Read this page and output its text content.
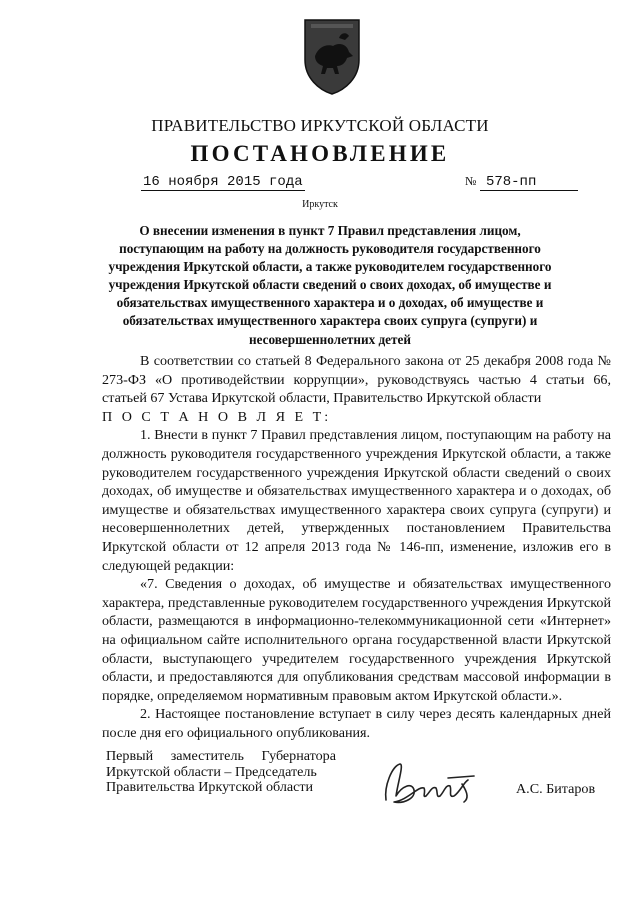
ПРАВИТЕЛЬСТВО ИРКУТСКОЙ ОБЛАСТИ
ПОСТАНОВЛЕНИЕ
16 ноября 2015 года	№ 578-пп
Иркутск
О внесении изменения в пункт 7 Правил представления лицом, поступающим на работу на должность руководителя государственного учреждения Иркутской области, а также руководителем государственного учреждения Иркутской области сведений о своих доходах, об имуществе и обязательствах имущественного характера и о доходах, об имуществе и обязательствах имущественного характера своих супруга (супруги) и несовершеннолетних детей

В соответствии со статьей 8 Федерального закона от 25 декабря 2008 года № 273-ФЗ «О противодействии коррупции», руководствуясь частью 4 статьи 66, статьей 67 Устава Иркутской области, Правительство Иркутской области

П О С Т А Н О В Л Я Е Т:

1. Внести в пункт 7 Правил представления лицом, поступающим на работу на должность руководителя государственного учреждения Иркутской области, а также руководителем государственного учреждения Иркутской области сведений о своих доходах, об имуществе и обязательствах имущественного характера и о доходах, об имуществе и обязательствах имущественного характера своих супруга (супруги) и несовершеннолетних детей, утвержденных постановлением Правительства Иркутской области от 12 апреля 2013 года № 146-пп, изменение, изложив его в следующей редакции:

«7. Сведения о доходах, об имуществе и обязательствах имущественного характера, представленные руководителем государственного учреждения Иркутской области, размещаются в информационно-телекоммуникационной сети «Интернет» на официальном сайте исполнительного органа государственной власти Иркутской области, выступающего учредителем государственного учреждения Иркутской области, и предоставляются для опубликования средствам массовой информации в порядке, определяемом нормативным правовым актом Иркутской области.».

2. Настоящее постановление вступает в силу через десять календарных дней после дня его официального опубликования.

Первый заместитель Губернатора
Иркутской области – Председатель
Правительства Иркутской области	А.С. Битаров
